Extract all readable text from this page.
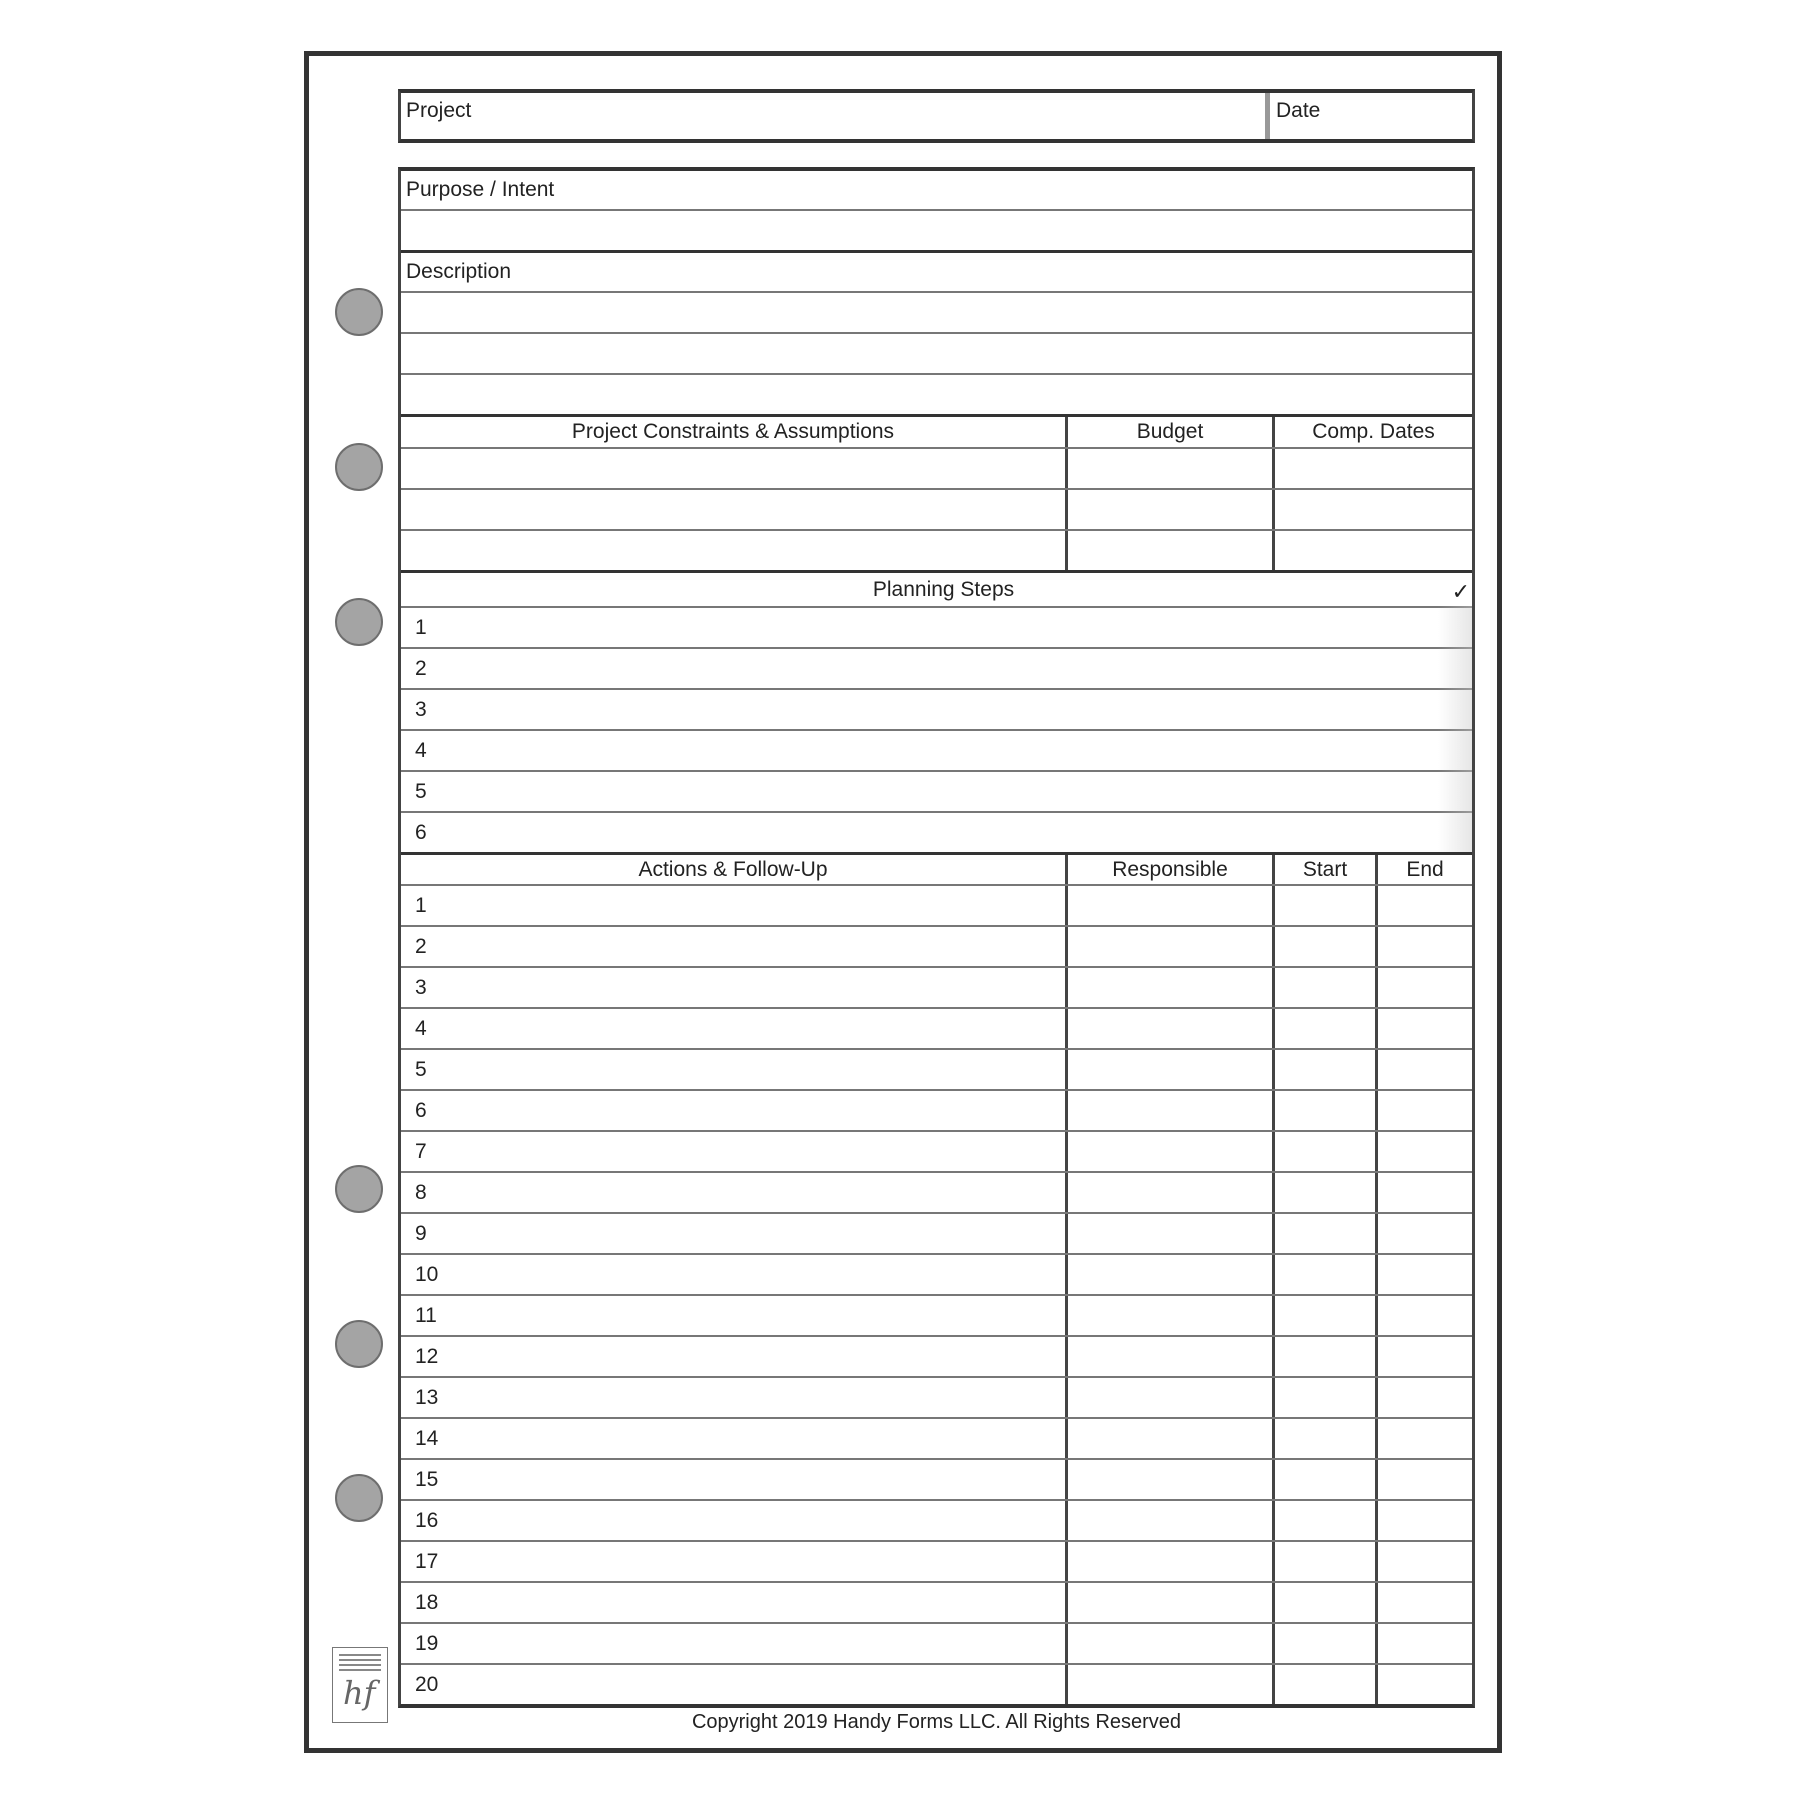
Project	Date
Purpose / Intent
Description
Project Constraints & Assumptions	Budget	Comp. Dates
Planning Steps	✓
1
2
3
4
5
6
Actions & Follow-Up	Responsible	Start	End
1
2
3
4
5
6
7
8
9
10
11
12
13
14
15
16
17
18
19
20
Copyright 2019 Handy Forms LLC. All Rights Reserved
hf
